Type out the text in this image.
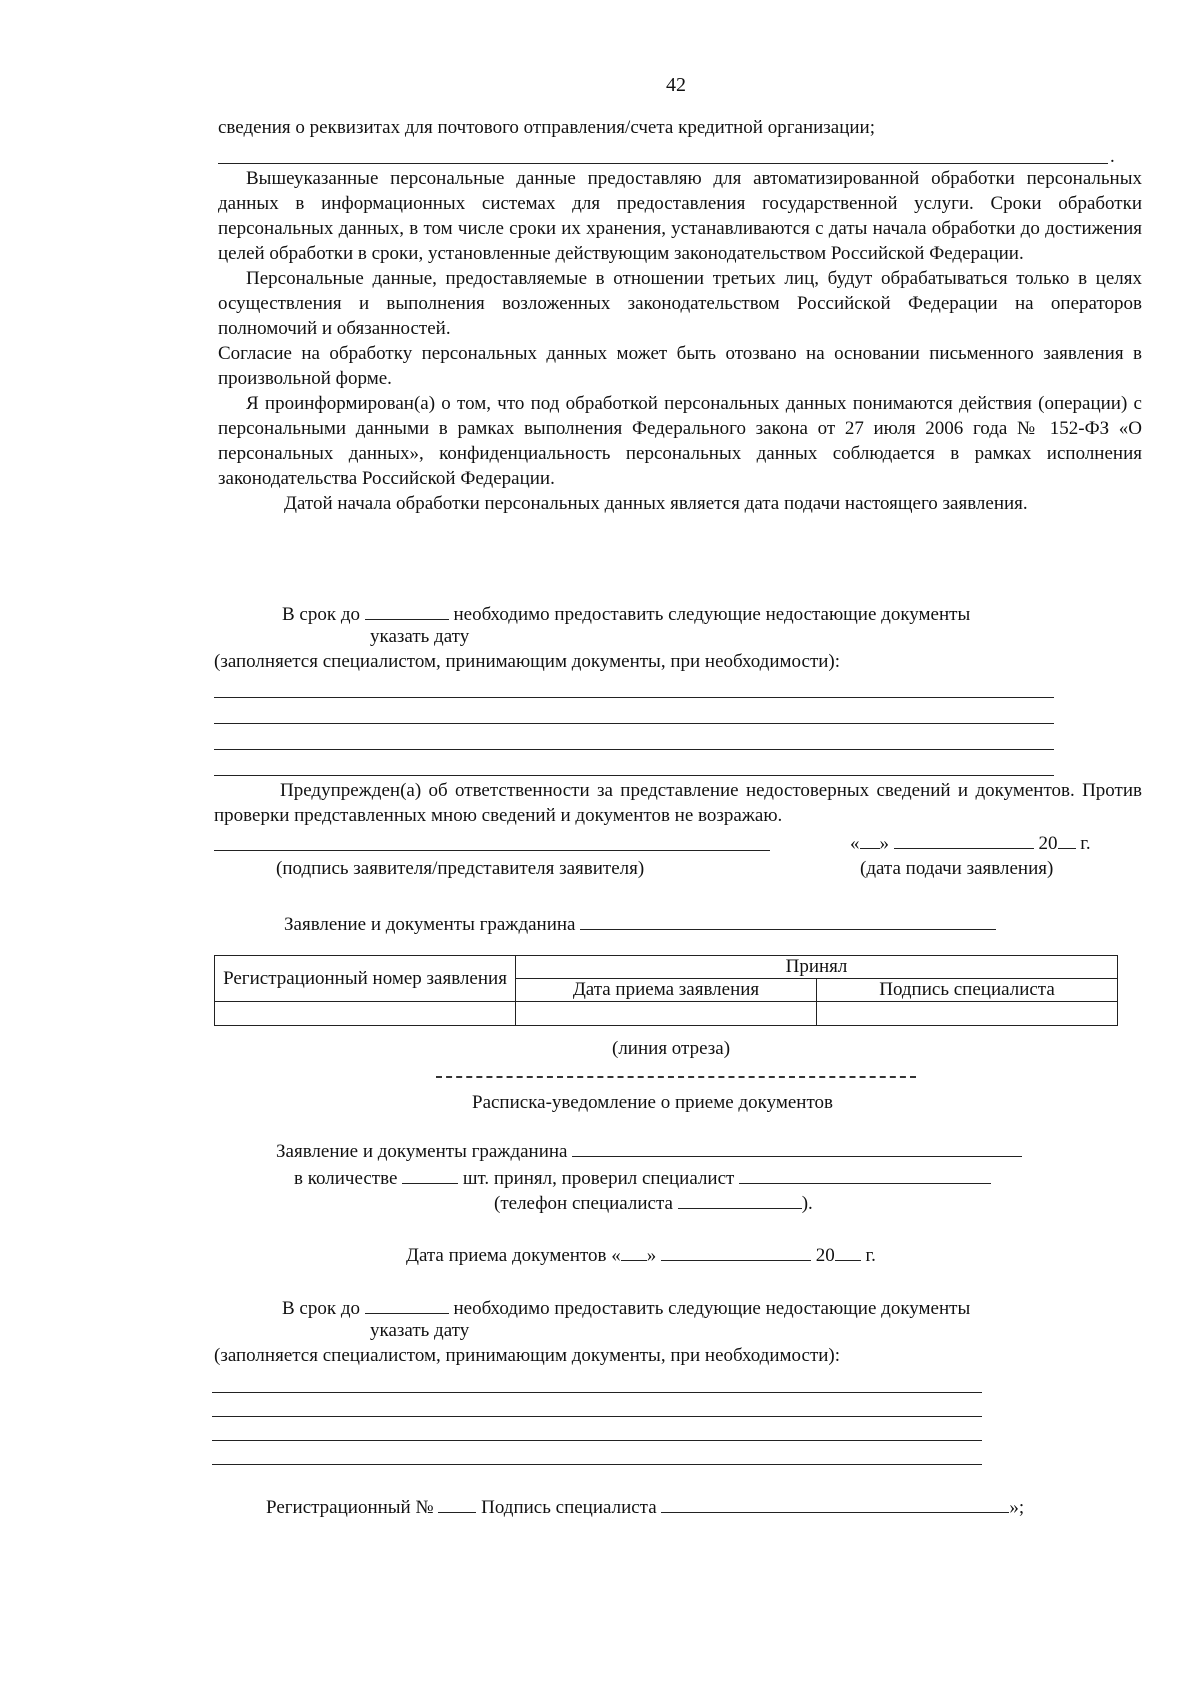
42
сведения о реквизитах для почтового отправления/счета кредитной организации;
.

Вышеуказанные персональные данные предоставляю для автоматизированной обработки персональных данных в информационных системах для предоставления государственной услуги. Сроки обработки персональных данных, в том числе сроки их хранения, устанавливаются с даты начала обработки до достижения целей обработки в сроки, установленные действующим законодательством Российской Федерации.

Персональные данные, предоставляемые в отношении третьих лиц, будут обрабатываться только в целях осуществления и выполнения возложенных законодательством Российской Федерации на операторов полномочий и обязанностей.

Согласие на обработку персональных данных может быть отозвано на основании письменного заявления в произвольной форме.

Я проинформирован(а) о том, что под обработкой персональных данных понимаются действия (операции) с персональными данными в рамках выполнения Федерального закона от 27 июля 2006 года № 152-ФЗ «О персональных данных», конфиденциальность персональных данных соблюдается в рамках исполнения законодательства Российской Федерации.

Датой начала обработки персональных данных является дата подачи настоящего заявления.

В срок до	необходимо предоставить следующие недостающие документы
указать дату
(заполняется специалистом, принимающим документы, при необходимости):

Предупрежден(а) об ответственности за представление недостоверных сведений и документов. Против проверки представленных мною сведений и документов не возражаю.

« »	20 г.
(подпись заявителя/представителя заявителя)	(дата подачи заявления)
Заявление и документы гражданина
Регистрационный номер заявления	Принял	
	Дата приема заявления	Подпись специалиста

(линия отреза)
Расписка-уведомление о приеме документов
Заявление и документы гражданина
в количестве	шт. принял, проверил специалист
(телефон специалиста	).
Дата приема документов « »	20 г.
В срок до	необходимо предоставить следующие недостающие документы
указать дату
(заполняется специалистом, принимающим документы, при необходимости):
Регистрационный №	Подпись специалиста	»;
